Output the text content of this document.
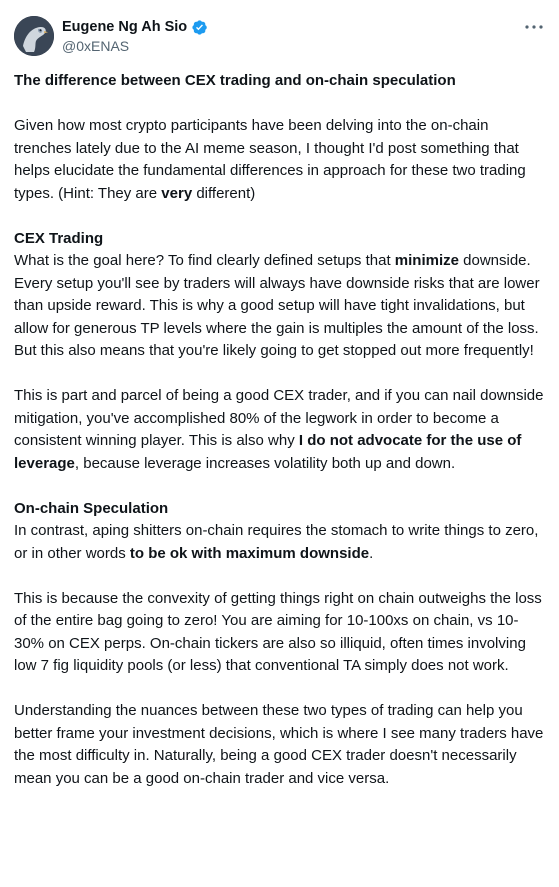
Eugene Ng Ah Sio
@0xENAS

The difference between CEX trading and on-chain speculation

Given how most crypto participants have been delving into the on-chain trenches lately due to the AI meme season, I thought I'd post something that helps elucidate the fundamental differences in approach for these two trading types. (Hint: They are very different)

CEX Trading
What is the goal here? To find clearly defined setups that minimize downside. Every setup you'll see by traders will always have downside risks that are lower than upside reward. This is why a good setup will have tight invalidations, but allow for generous TP levels where the gain is multiples the amount of the loss. But this also means that you're likely going to get stopped out more frequently!

This is part and parcel of being a good CEX trader, and if you can nail downside mitigation, you've accomplished 80% of the legwork in order to become a consistent winning player. This is also why I do not advocate for the use of leverage, because leverage increases volatility both up and down.

On-chain Speculation
In contrast, aping shitters on-chain requires the stomach to write things to zero, or in other words to be ok with maximum downside.

This is because the convexity of getting things right on chain outweighs the loss of the entire bag going to zero! You are aiming for 10-100xs on chain, vs 10-30% on CEX perps. On-chain tickers are also so illiquid, often times involving low 7 fig liquidity pools (or less) that conventional TA simply does not work.

Understanding the nuances between these two types of trading can help you better frame your investment decisions, which is where I see many traders have the most difficulty in. Naturally, being a good CEX trader doesn't necessarily mean you can be a good on-chain trader and vice versa.
